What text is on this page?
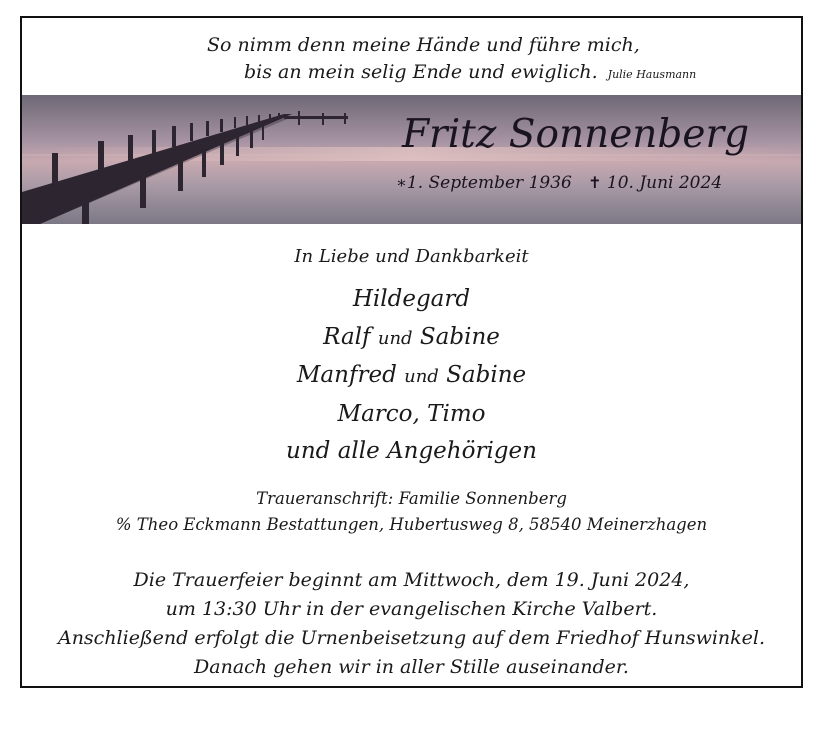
So nimm denn meine Hände und führe mich,
bis an mein selig Ende und ewiglich. Julie Hausmann
Fritz Sonnenberg
∗1. September 1936 ✝ 10. Juni 2024
In Liebe und Dankbarkeit
Hildegard
Ralf und Sabine
Manfred und Sabine
Marco, Timo
und alle Angehörigen
Traueranschrift: Familie Sonnenberg
% Theo Eckmann Bestattungen, Hubertusweg 8, 58540 Meinerzhagen
Die Trauerfeier beginnt am Mittwoch, dem 19. Juni 2024,
um 13:30 Uhr in der evangelischen Kirche Valbert.
Anschließend erfolgt die Urnenbeisetzung auf dem Friedhof Hunswinkel.
Danach gehen wir in aller Stille auseinander.
